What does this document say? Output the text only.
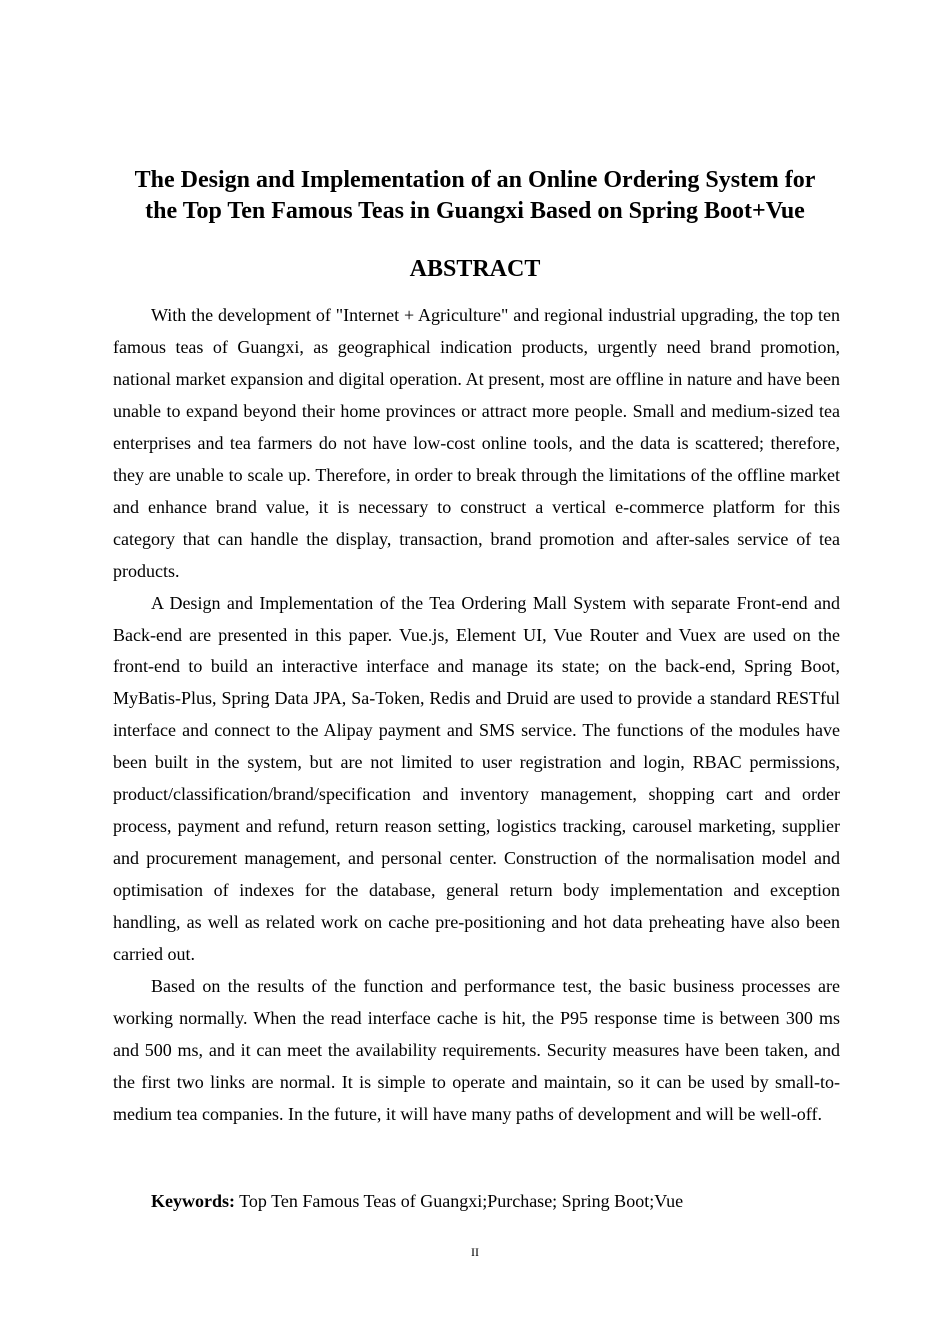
The Design and Implementation of an Online Ordering System for
the Top Ten Famous Teas in Guangxi Based on Spring Boot+Vue
ABSTRACT

With the development of "Internet + Agriculture" and regional industrial upgrading, the top ten famous teas of Guangxi, as geographical indication products, urgently need brand promotion, national market expansion and digital operation. At present, most are offline in nature and have been unable to expand beyond their home provinces or attract more people. Small and medium-sized tea enterprises and tea farmers do not have low-cost online tools, and the data is scattered; therefore, they are unable to scale up. Therefore, in order to break through the limitations of the offline market and enhance brand value, it is necessary to construct a vertical e-commerce platform for this category that can handle the display, transaction, brand promotion and after-sales service of tea products.

A Design and Implementation of the Tea Ordering Mall System with separate Front-end and Back-end are presented in this paper. Vue.js, Element UI, Vue Router and Vuex are used on the front-end to build an interactive interface and manage its state; on the back-end, Spring Boot, MyBatis-Plus, Spring Data JPA, Sa-Token, Redis and Druid are used to provide a standard RESTful interface and connect to the Alipay payment and SMS service. The functions of the modules have been built in the system, but are not limited to user registration and login, RBAC permissions, product/classification/brand/specification and inventory management, shopping cart and order process, payment and refund, return reason setting, logistics tracking, carousel marketing, supplier and procurement management, and personal center. Construction of the normalisation model and optimisation of indexes for the database, general return body implementation and exception handling, as well as related work on cache pre-positioning and hot data preheating have also been carried out.

Based on the results of the function and performance test, the basic business processes are working normally. When the read interface cache is hit, the P95 response time is between 300 ms and 500 ms, and it can meet the availability requirements. Security measures have been taken, and the first two links are normal. It is simple to operate and maintain, so it can be used by small-to-medium tea companies. In the future, it will have many paths of development and will be well-off.

Keywords: Top Ten Famous Teas of Guangxi;Purchase; Spring Boot;Vue

II
